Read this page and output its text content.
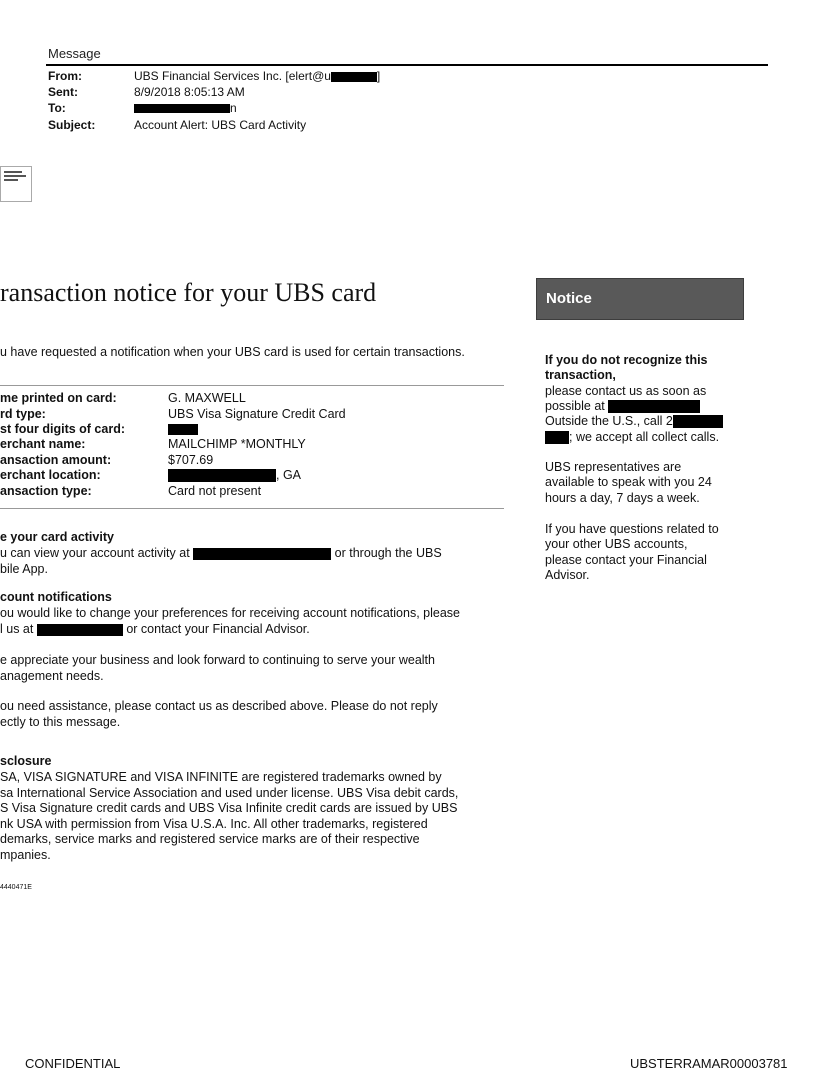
Message
From:	UBS Financial Services Inc. [elert@u	]
Sent:	8/9/2018 8:05:13 AM
To:	n
Subject:	Account Alert: UBS Card Activity
ransaction notice for your UBS card
u have requested a notification when your UBS card is used for certain transactions.
me printed on card:	G. MAXWELL
rd type:	UBS Visa Signature Credit Card
st four digits of card:
erchant name:	MAILCHIMP *MONTHLY
ansaction amount:	$707.69
erchant location:	, GA
ansaction type:	Card not present
e your card activity
u can view your account activity at	or through the UBS
bile App.
count notifications
ou would like to change your preferences for receiving account notifications, please
l us at	or contact your Financial Advisor.
e appreciate your business and look forward to continuing to serve your wealth
anagement needs.
ou need assistance, please contact us as described above. Please do not reply
ectly to this message.
sclosure
SA, VISA SIGNATURE and VISA INFINITE are registered trademarks owned by
sa International Service Association and used under license. UBS Visa debit cards,
S Visa Signature credit cards and UBS Visa Infinite credit cards are issued by UBS
nk USA with permission from Visa U.S.A. Inc. All other trademarks, registered
demarks, service marks and registered service marks are of their respective
mpanies.
4440471E
Notice
If you do not recognize this
transaction,
please contact us as soon as
possible at
Outside the U.S., call 2
; we accept all collect calls.
UBS representatives are
available to speak with you 24
hours a day, 7 days a week.
If you have questions related to
your other UBS accounts,
please contact your Financial
Advisor.
CONFIDENTIAL	UBSTERRAMAR00003781
